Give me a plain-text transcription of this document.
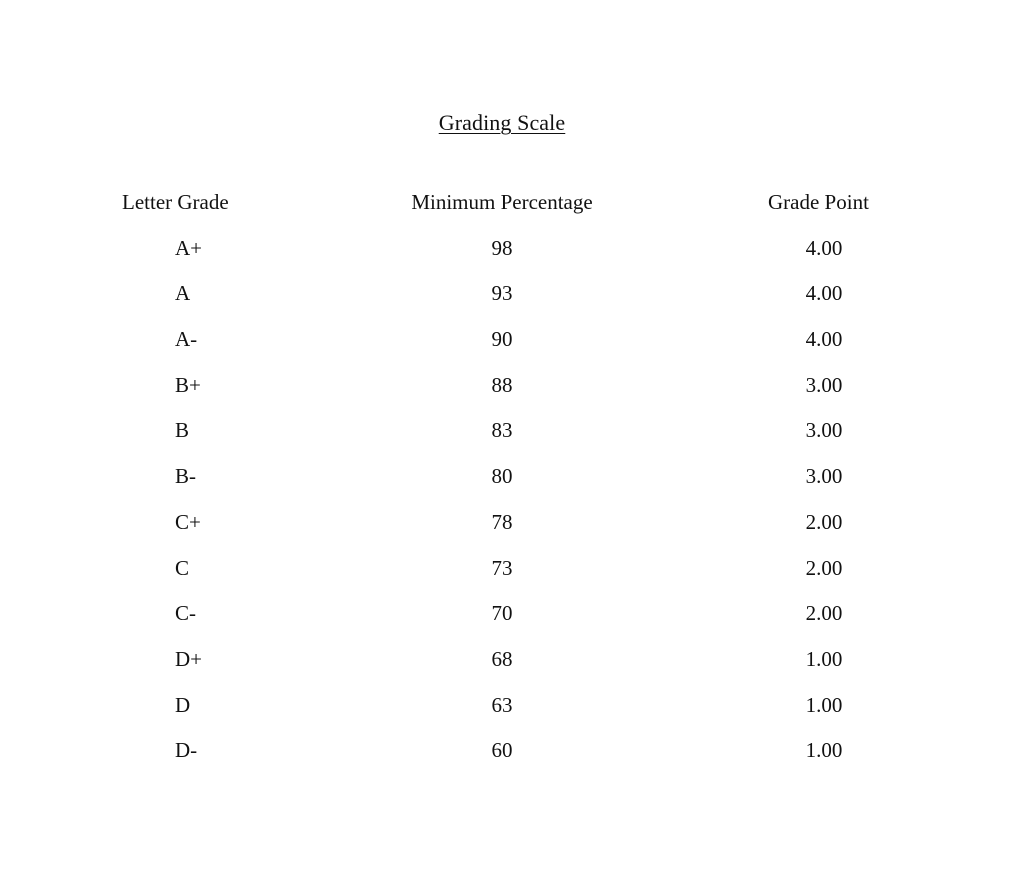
Grading Scale
Letter Grade	Minimum Percentage	Grade Point
A+	98	4.00
A	93	4.00
A-	90	4.00
B+	88	3.00
B	83	3.00
B-	80	3.00
C+	78	2.00
C	73	2.00
C-	70	2.00
D+	68	1.00
D	63	1.00
D-	60	1.00
